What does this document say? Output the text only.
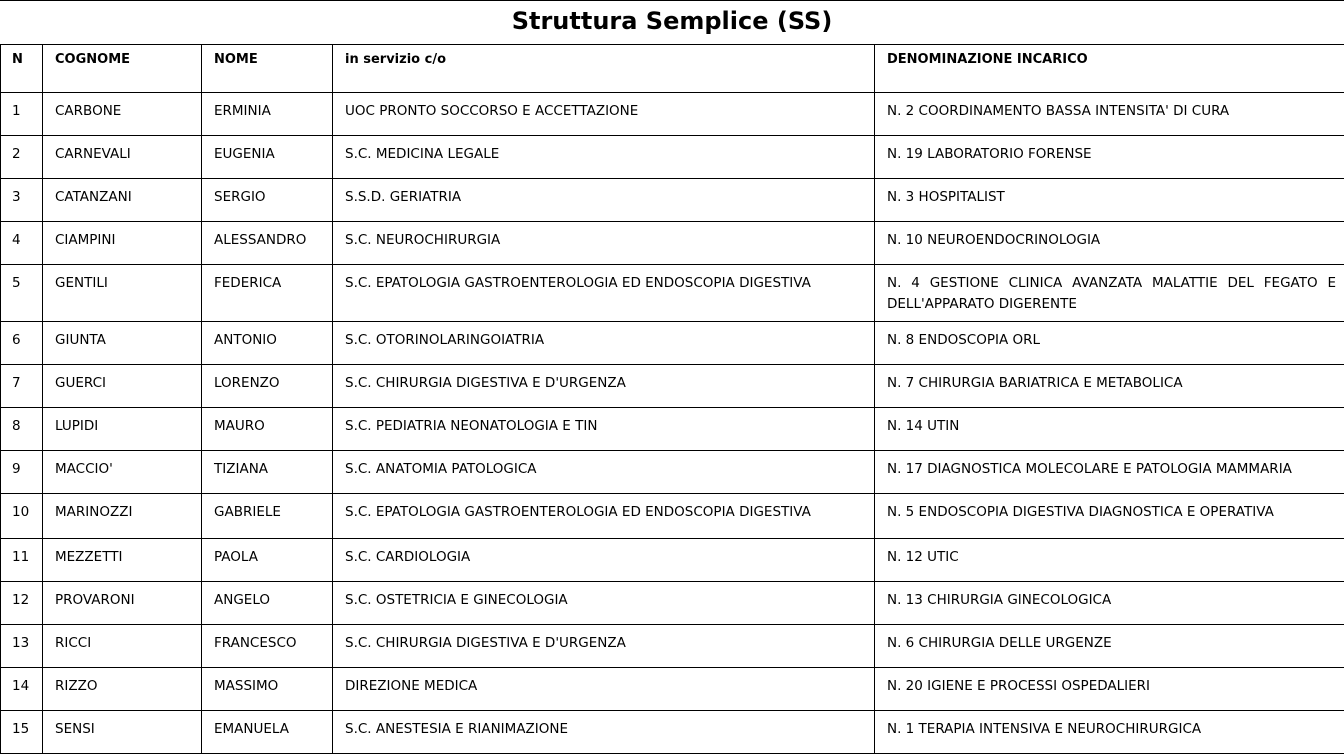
Struttura Semplice (SS)
N	COGNOME	NOME	in servizio c/o	DENOMINAZIONE INCARICO
1	CARBONE	ERMINIA	UOC PRONTO SOCCORSO E ACCETTAZIONE	N. 2 COORDINAMENTO BASSA INTENSITA' DI CURA
2	CARNEVALI	EUGENIA	S.C. MEDICINA LEGALE	N. 19 LABORATORIO FORENSE
3	CATANZANI	SERGIO	S.S.D. GERIATRIA	N. 3 HOSPITALIST
4	CIAMPINI	ALESSANDRO	S.C. NEUROCHIRURGIA	N. 10 NEUROENDOCRINOLOGIA
5	GENTILI	FEDERICA	S.C. EPATOLOGIA GASTROENTEROLOGIA ED ENDOSCOPIA DIGESTIVA	N. 4 GESTIONE CLINICA AVANZATA MALATTIE DEL FEGATO E DELL'APPARATO DIGERENTE
6	GIUNTA	ANTONIO	S.C. OTORINOLARINGOIATRIA	N. 8 ENDOSCOPIA ORL
7	GUERCI	LORENZO	S.C. CHIRURGIA DIGESTIVA E D'URGENZA	N. 7 CHIRURGIA BARIATRICA E METABOLICA
8	LUPIDI	MAURO	S.C. PEDIATRIA NEONATOLOGIA E TIN	N. 14 UTIN
9	MACCIO'	TIZIANA	S.C. ANATOMIA PATOLOGICA	N. 17 DIAGNOSTICA MOLECOLARE E PATOLOGIA MAMMARIA
10	MARINOZZI	GABRIELE	S.C. EPATOLOGIA GASTROENTEROLOGIA ED ENDOSCOPIA DIGESTIVA	N. 5 ENDOSCOPIA DIGESTIVA DIAGNOSTICA E OPERATIVA
11	MEZZETTI	PAOLA	S.C. CARDIOLOGIA	N. 12 UTIC
12	PROVARONI	ANGELO	S.C. OSTETRICIA E GINECOLOGIA	N. 13 CHIRURGIA GINECOLOGICA
13	RICCI	FRANCESCO	S.C. CHIRURGIA DIGESTIVA E D'URGENZA	N. 6 CHIRURGIA DELLE URGENZE
14	RIZZO	MASSIMO	DIREZIONE MEDICA	N. 20 IGIENE E PROCESSI OSPEDALIERI
15	SENSI	EMANUELA	S.C. ANESTESIA E RIANIMAZIONE	N. 1 TERAPIA INTENSIVA E NEUROCHIRURGICA
